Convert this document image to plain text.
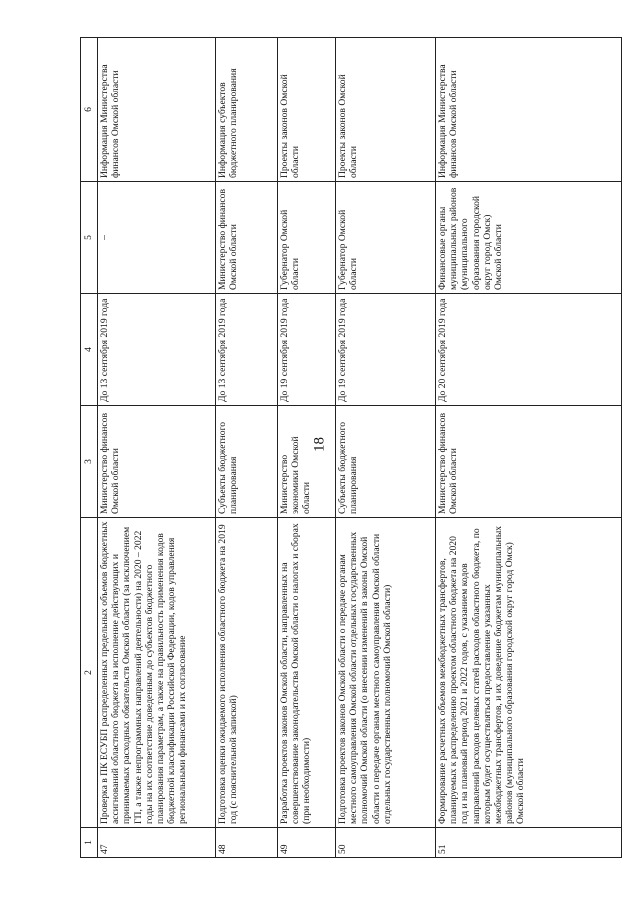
18
1	2	3	4	5	6
47	Проверка в ПК ЕСУБП распределенных предельных объемов бюджетных ассигнований областного бюджета на исполнение действующих и принимаемых расходных обязательств Омской области (за исключением ГП, а также непрограммных направлений деятельности) на 2020 – 2022 годы на их соответствие доведенным до субъектов бюджетного планирования параметрам, а также на правильность применения кодов бюджетной классификации Российской Федерации, кодов управления региональными финансами и их согласование	Министерство финансов Омской области	До 13 сентября 2019 года	–	Информация Министерства финансов Омской области
48	Подготовка оценки ожидаемого исполнения областного бюджета на 2019 год (с пояснительной запиской)	Субъекты бюджетного планирования	До 13 сентября 2019 года	Министерство финансов Омской области	Информация субъектов бюджетного планирования
49	Разработка проектов законов Омской области, направленных на совершенствование законодательства Омской области о налогах и сборах (при необходимости)	Министерство экономики Омской области	До 19 сентября 2019 года	Губернатор Омской области	Проекты законов Омской области
50	Подготовка проектов законов Омской области о передаче органам местного самоуправления Омской области отдельных государственных полномочий Омской области (о внесении изменений в законы Омской области о передаче органам местного самоуправления Омской области отдельных государственных полномочий Омской области)	Субъекты бюджетного планирования	До 19 сентября 2019 года	Губернатор Омской области	Проекты законов Омской области
51	Формирование расчетных объемов межбюджетных трансфертов, планируемых к распределению проектом областного бюджета на 2020 год и на плановый период 2021 и 2022 годов, с указанием кодов направлений расходов целевых статей расходов областного бюджета, по которым будет осуществляться предоставление указанных межбюджетных трансфертов, и их доведение бюджетам муниципальных районов (муниципального образования городской округ город Омск) Омской области	Министерство финансов Омской области	До 20 сентября 2019 года	Финансовые органы муниципальных районов (муниципального образования городской округ город Омск) Омской области	Информация Министерства финансов Омской области
